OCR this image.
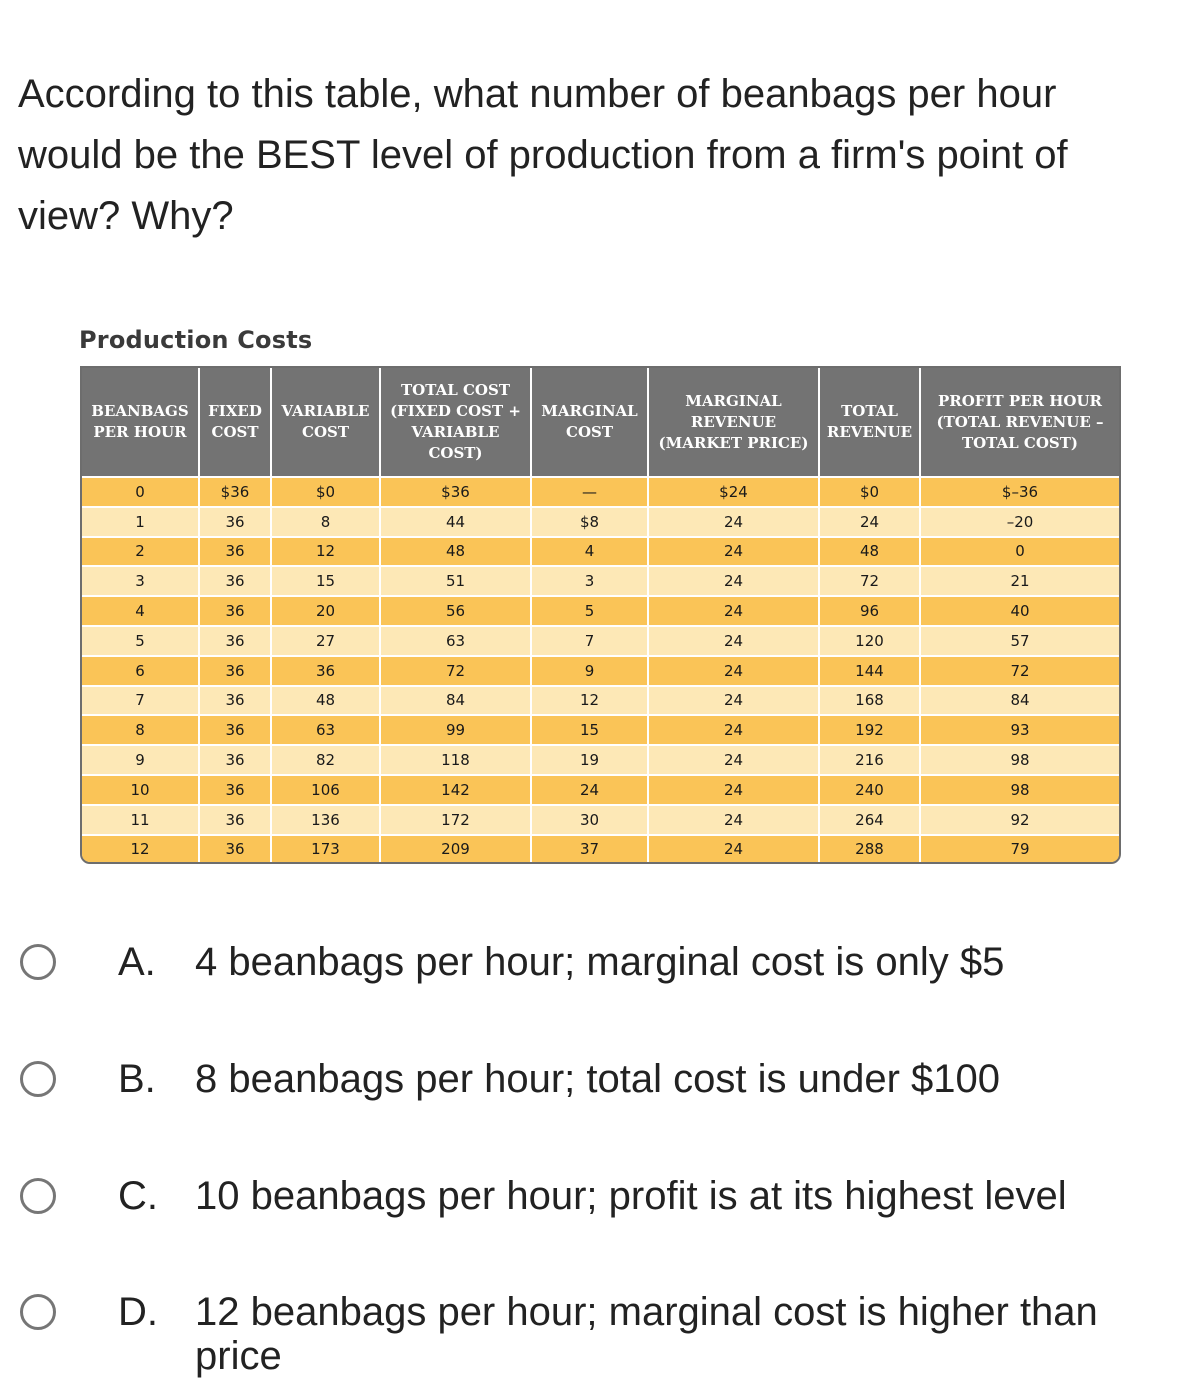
According to this table, what number of beanbags per hour would be the BEST level of production from a firm's point of view? Why?

Production Costs
BEANBAGS PER HOUR	FIXED COST	VARIABLE COST	TOTAL COST (FIXED COST + VARIABLE COST)	MARGINAL COST	MARGINAL REVENUE (MARKET PRICE)	TOTAL REVENUE	PROFIT PER HOUR (TOTAL REVENUE – TOTAL COST)
0	$36	$0	$36	—	$24	$0	$–36
1	36	8	44	$8	24	24	–20
2	36	12	48	4	24	48	0
3	36	15	51	3	24	72	21
4	36	20	56	5	24	96	40
5	36	27	63	7	24	120	57
6	36	36	72	9	24	144	72
7	36	48	84	12	24	168	84
8	36	63	99	15	24	192	93
9	36	82	118	19	24	216	98
10	36	106	142	24	24	240	98
11	36	136	172	30	24	264	92
12	36	173	209	37	24	288	79
A. 4 beanbags per hour; marginal cost is only $5
B. 8 beanbags per hour; total cost is under $100
C. 10 beanbags per hour; profit is at its highest level
D. 12 beanbags per hour; marginal cost is higher than price
